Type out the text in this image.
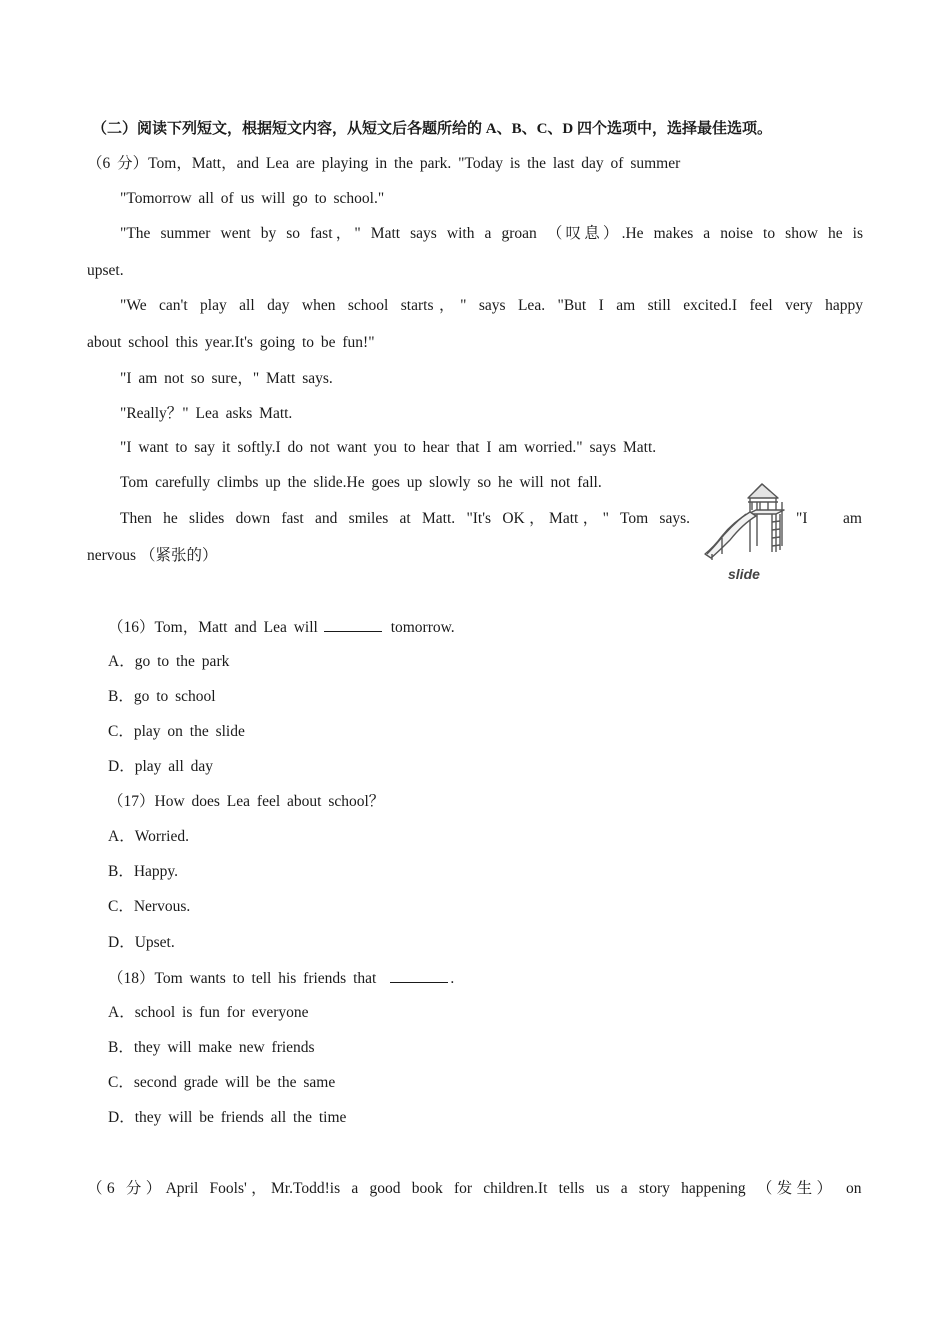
（二）阅读下列短文，根据短文内容，从短文后各题所给的 A、B、C、D 四个选项中，选择最佳选项。
（6 分）Tom，Matt，and Lea are playing in the park. "Today is the last day of summer
"Tomorrow all of us will go to school."
"The summer went by so fast，" Matt says with a groan （叹息）.He makes a noise to show he is
upset.
"We can't play all day when school starts，" says Lea. "But I am still excited.I feel very happy
about school this year.It's going to be fun!"
"I am not so sure，" Matt says.
"Really？" Lea asks Matt.
"I want to say it softly.I do not want you to hear that I am worried." says Matt.
Tom carefully climbs up the slide.He goes up slowly so he will not fall.
Then he slides down fast and smiles at Matt. "It's OK，Matt，" Tom says.	"I am
nervous （紧张的）
slide
（16）Tom，Matt and Lea will	tomorrow.
A．go to the park
B．go to school
C．play on the slide
D．play all day
（17）How does Lea feel about school？
A．Worried.
B．Happy.
C．Nervous.
D．Upset.
（18）Tom wants to tell his friends that	.
A．school is fun for everyone
B．they will make new friends
C．second grade will be the same
D．they will be friends all the time
（6 分）April Fools'，Mr.Todd!is a good book for children.It tells us a story happening （发生） on
